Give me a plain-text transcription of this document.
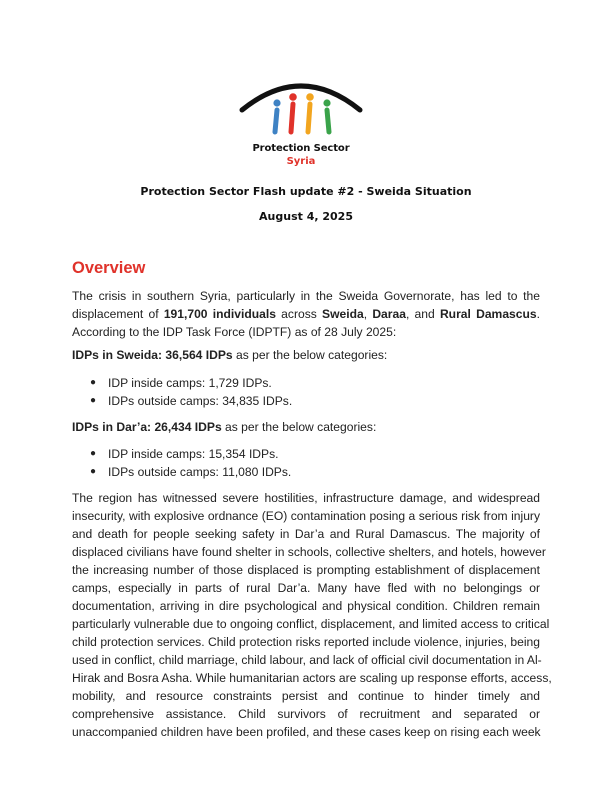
Protection Sector
Syria
Protection Sector Flash update #2 - Sweida Situation
August 4, 2025
Overview
The crisis in southern Syria, particularly in the Sweida Governorate, has led to the
displacement of 191,700 individuals across Sweida, Daraa, and Rural Damascus.
According to the IDP Task Force (IDPTF) as of 28 July 2025:
IDPs in Sweida: 36,564 IDPs as per the below categories:
● IDP inside camps: 1,729 IDPs.
● IDPs outside camps: 34,835 IDPs.
IDPs in Dar’a: 26,434 IDPs as per the below categories:
● IDP inside camps: 15,354 IDPs.
● IDPs outside camps: 11,080 IDPs.
The region has witnessed severe hostilities, infrastructure damage, and widespread
insecurity, with explosive ordnance (EO) contamination posing a serious risk from injury
and death for people seeking safety in Dar’a and Rural Damascus. The majority of
displaced civilians have found shelter in schools, collective shelters, and hotels, however
the increasing number of those displaced is prompting establishment of displacement
camps, especially in parts of rural Dar’a. Many have fled with no belongings or
documentation, arriving in dire psychological and physical condition. Children remain
particularly vulnerable due to ongoing conflict, displacement, and limited access to critical
child protection services. Child protection risks reported include violence, injuries, being
used in conflict, child marriage, child labour, and lack of official civil documentation in Al-
Hirak and Bosra Asha. While humanitarian actors are scaling up response efforts, access,
mobility, and resource constraints persist and continue to hinder timely and
comprehensive assistance. Child survivors of recruitment and separated or
unaccompanied children have been profiled, and these cases keep on rising each week
